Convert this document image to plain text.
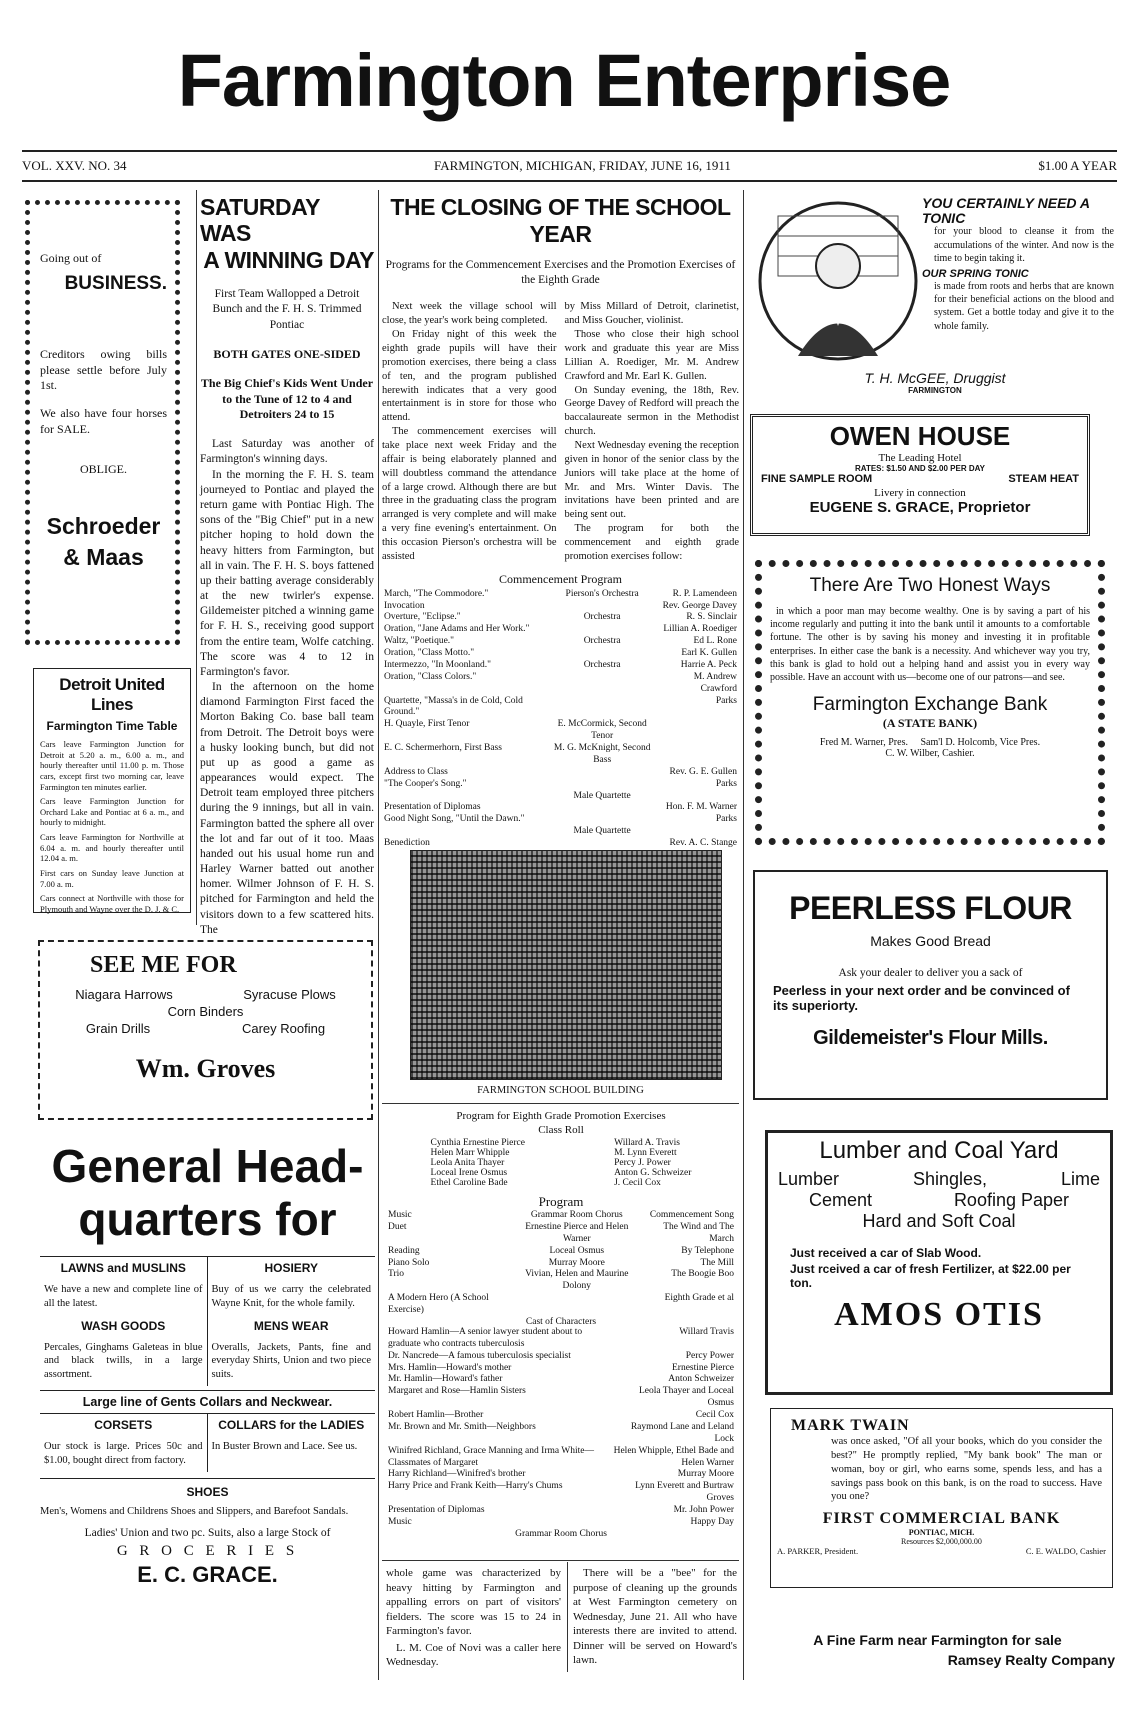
Farmington Enterprise
VOL. XXV. NO. 34	FARMINGTON, MICHIGAN, FRIDAY, JUNE 16, 1911	$1.00 A YEAR
Going out of
BUSINESS.
Creditors owing bills please settle before July 1st.
We also have four horses for SALE.
OBLIGE.
Schroeder
& Maas
Detroit United Lines
Farmington Time Table
Cars leave Farmington Junction for Detroit at 5.20 a. m., 6.00 a. m., and hourly thereafter until 11.00 p. m. Those cars, except first two morning car, leave Farmington ten minutes earlier.
Cars leave Farmington Junction for Orchard Lake and Pontiac at 6 a. m., and hourly to midnight.
Cars leave Farmington for Northville at 6.04 a. m. and hourly thereafter until 12.04 a. m.
First cars on Sunday leave Junction at 7.00 a. m.
Cars connect at Northville with those for Plymouth and Wayne over the D. J. & C.
SATURDAY WAS
A WINNING DAY
First Team Wallopped a Detroit Bunch and the F. H. S. Trimmed Pontiac
BOTH GATES ONE-SIDED
The Big Chief's Kids Went Under to the Tune of 12 to 4 and Detroiters 24 to 15
Last Saturday was another of Farmington's winning days.
In the morning the F. H. S. team journeyed to Pontiac and played the return game with Pontiac High. The sons of the "Big Chief" put in a new pitcher hoping to hold down the heavy hitters from Farmington, but all in vain. The F. H. S. boys fattened up their batting average considerably at the new twirler's expense. Gildemeister pitched a winning game for F. H. S., receiving good support from the entire team, Wolfe catching. The score was 4 to 12 in Farmington's favor.
In the afternoon on the home diamond Farmington First faced the Morton Baking Co. base ball team from Detroit. The Detroit boys were a husky looking bunch, but did not put up as good a game as appearances would expect. The Detroit team employed three pitchers during the 9 innings, but all in vain. Farmington batted the sphere all over the lot and far out of it too. Maas handed out his usual home run and Harley Warner batted out another homer. Wilmer Johnson of F. H. S. pitched for Farmington and held the visitors down to a few scattered hits. The
THE CLOSING OF THE SCHOOL YEAR
Programs for the Commencement Exercises and the Promotion Exercises of the Eighth Grade
Next week the village school will close, the year's work being completed.
On Friday night of this week the eighth grade pupils will have their promotion exercises, there being a class of ten, and the program published herewith indicates that a very good entertainment is in store for those who attend.
The commencement exercises will take place next week Friday and the affair is being elaborately planned and will doubtless command the attendance of a large crowd. Although there are but three in the graduating class the program arranged is very complete and will make a very fine evening's entertainment. On this occasion Pierson's orchestra will be assisted
by Miss Millard of Detroit, clarinetist, and Miss Goucher, violinist.
Those who close their high school work and graduate this year are Miss Lillian A. Roediger, Mr. M. Andrew Crawford and Mr. Earl K. Gullen.
On Sunday evening, the 18th, Rev. George Davey of Redford will preach the baccalaureate sermon in the Methodist church.
Next Wednesday evening the reception given in honor of the senior class by the Juniors will take place at the home of Mr. and Mrs. Winter Davis. The invitations have been printed and are being sent out.
The program for both the commencement and eighth grade promotion exercises follow:
Commencement Program
March, "The Commodore."	Pierson's Orchestra	R. P. Lamendeen
Invocation		Rev. George Davey
Overture, "Eclipse."	Orchestra	R. S. Sinclair
Oration, "Jane Adams and Her Work."		Lillian A. Roediger
Waltz, "Poetique."	Orchestra	Ed L. Rone
Oration, "Class Motto."		Earl K. Gullen
Intermezzo, "In Moonland."	Orchestra	Harrie A. Peck
Oration, "Class Colors."		M. Andrew Crawford
Quartette, "Massa's in de Cold, Cold Ground."		Parks
H. Quayle, First Tenor	E. McCormick, Second Tenor	
E. C. Schermerhorn, First Bass	M. G. McKnight, Second Bass	
Address to Class		Rev. G. E. Gullen
"The Cooper's Song."		Parks
	Male Quartette	
Presentation of Diplomas		Hon. F. M. Warner
Good Night Song, "Until the Dawn."		Parks
	Male Quartette	
Benediction		Rev. A. C. Stange
FARMINGTON SCHOOL BUILDING
Program for Eighth Grade Promotion Exercises
Class Roll
Cynthia Ernestine Pierce
Helen Marr Whipple
Leola Anita Thayer
Loceal Irene Osmus
Ethel Caroline Bade
Willard A. Travis
M. Lynn Everett
Percy J. Power
Anton G. Schweizer
J. Cecil Cox
Program
Music	Grammar Room Chorus	Commencement Song
Duet	Ernestine Pierce and Helen Warner	The Wind and The March
Reading	Loceal Osmus	By Telephone
Piano Solo	Murray Moore	The Mill
Trio	Vivian, Helen and Maurine Dolony	The Boogie Boo
A Modern Hero (A School Exercise)		Eighth Grade et al
Cast of Characters
Howard Hamlin—A senior lawyer student about to graduate who contracts tuberculosis	Willard Travis
Dr. Nancrede—A famous tuberculosis specialist	Percy Power
Mrs. Hamlin—Howard's mother	Ernestine Pierce
Mr. Hamlin—Howard's father	Anton Schweizer
Margaret and Rose—Hamlin Sisters	Leola Thayer and Loceal Osmus
Robert Hamlin—Brother	Cecil Cox
Mr. Brown and Mr. Smith—Neighbors	Raymond Lane and Leland Lock
Winifred Richland, Grace Manning and Irma White—Classmates of Margaret	Helen Whipple, Ethel Bade and Helen Warner
Harry Richland—Winifred's brother	Murray Moore
Harry Price and Frank Keith—Harry's Chums	Lynn Everett and Burtraw Groves
Presentation of Diplomas	Mr. John Power
Music	Happy Day
Grammar Room Chorus
whole game was characterized by heavy hitting by Farmington and appalling errors on part of visitors' fielders. The score was 15 to 24 in Farmington's favor.
L. M. Coe of Novi was a caller here Wednesday.
There will be a "bee" for the purpose of cleaning up the grounds at West Farmington cemetery on Wednesday, June 21. All who have interests there are invited to attend. Dinner will be served on Howard's lawn.
YOU CERTAINLY NEED A TONIC
for your blood to cleanse it from the accumulations of the winter. And now is the time to begin taking it.
OUR SPRING TONIC
is made from roots and herbs that are known for their beneficial actions on the blood and system. Get a bottle today and give it to the whole family.
T. H. McGEE, Druggist
FARMINGTON
OWEN HOUSE
The Leading Hotel
RATES: $1.50 AND $2.00 PER DAY
FINE SAMPLE ROOM	STEAM HEAT
Livery in connection
EUGENE S. GRACE, Proprietor
There Are Two Honest Ways
in which a poor man may become wealthy. One is by saving a part of his income regularly and putting it into the bank until it amounts to a comfortable fortune. The other is by saving his money and investing it in profitable enterprises. In either case the bank is a necessity. And whichever way you try, this bank is glad to hold out a helping hand and assist you in every way possible. Have an account with us—become one of our patrons—and see.
Farmington Exchange Bank
(A STATE BANK)
Fred M. Warner, Pres.     Sam'l D. Holcomb, Vice Pres.
C. W. Wilber, Cashier.
PEERLESS FLOUR
Makes Good Bread
Ask your dealer to deliver you a sack of
Peerless in your next order and be convinced of its superiorty.
Gildemeister's Flour Mills.
Lumber and Coal Yard
Lumber	Shingles,	Lime
Cement	Roofing Paper
Hard and Soft Coal
Just received a car of Slab Wood.
Just rceived a car of fresh Fertilizer, at $22.00 per ton.
AMOS OTIS
MARK TWAIN
was once asked, "Of all your books, which do you consider the best?" He promptly replied, "My bank book" The man or woman, boy or girl, who earns some, spends less, and has a savings pass book on this bank, is on the road to success. Have you one?
FIRST COMMERCIAL BANK
PONTIAC, MICH.
Resources $2,000,000.00
A. PARKER, President.	C. E. WALDO, Cashier
A Fine Farm near Farmington for sale
Ramsey Realty Company
SEE ME FOR
Niagara Harrows	Syracuse Plows
Corn Binders
Grain Drills	Carey Roofing
Wm. Groves
General Head-
quarters for
LAWNS and MUSLINS
We have a new and complete line of all the latest.
HOSIERY
Buy of us we carry the celebrated Wayne Knit, for the whole family.
WASH GOODS
Percales, Ginghams Galeteas in blue and black twills, in a large assortment.
MENS WEAR
Overalls, Jackets, Pants, fine and everyday Shirts, Union and two piece suits.
Large line of Gents Collars and Neckwear.
CORSETS
Our stock is large. Prices 50c and $1.00, bought direct from factory.
COLLARS for the LADIES
In Buster Brown and Lace. See us.
SHOES
Men's, Womens and Childrens Shoes and Slippers, and Barefoot Sandals.
Ladies' Union and two pc. Suits, also a large Stock of
G R O C E R I E S
E. C. GRACE.
